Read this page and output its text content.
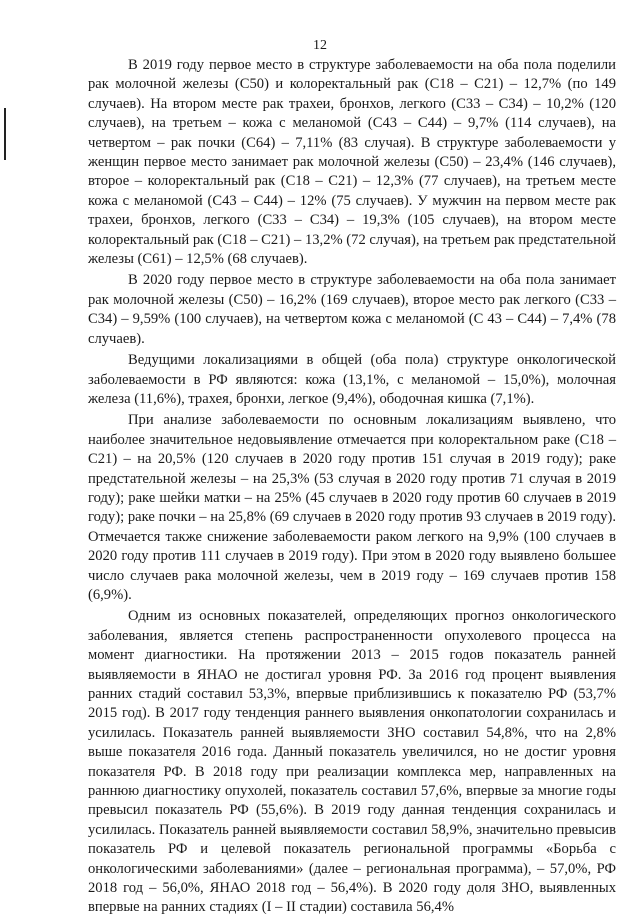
12

В 2019 году первое место в структуре заболеваемости на оба пола поделили рак молочной железы (C50) и колоректальный рак (C18 – C21) – 12,7% (по 149 случаев). На втором месте рак трахеи, бронхов, легкого (C33 – C34) – 10,2% (120 случаев), на третьем – кожа с меланомой (C43 – C44) – 9,7% (114 случаев), на четвертом – рак почки (C64) – 7,11% (83 случая). В структуре заболеваемости у женщин первое место занимает рак молочной железы (C50) – 23,4% (146 случаев), второе – колоректальный рак (C18 – C21) – 12,3% (77 случаев), на третьем месте кожа с меланомой (C43 – C44) – 12% (75 случаев). У мужчин на первом месте рак трахеи, бронхов, легкого (C33 – C34) – 19,3% (105 случаев), на втором месте колоректальный рак (C18 – C21) – 13,2% (72 случая), на третьем рак предстательной железы (C61) – 12,5% (68 случаев).

В 2020 году первое место в структуре заболеваемости на оба пола занимает рак молочной железы (C50) – 16,2% (169 случаев), второе место рак легкого (C33 – C34) – 9,59% (100 случаев), на четвертом кожа с меланомой (C 43 – C44) – 7,4% (78 случаев).

Ведущими локализациями в общей (оба пола) структуре онкологической заболеваемости в РФ являются: кожа (13,1%, с меланомой – 15,0%), молочная железа (11,6%), трахея, бронхи, легкое (9,4%), ободочная кишка (7,1%).

При анализе заболеваемости по основным локализациям выявлено, что наиболее значительное недовыявление отмечается при колоректальном раке (C18 – C21) – на 20,5% (120 случаев в 2020 году против 151 случая в 2019 году); раке предстательной железы – на 25,3% (53 случая в 2020 году против 71 случая в 2019 году); раке шейки матки – на 25% (45 случаев в 2020 году против 60 случаев в 2019 году); раке почки – на 25,8% (69 случаев в 2020 году против 93 случаев в 2019 году). Отмечается также снижение заболеваемости раком легкого на 9,9% (100 случаев в 2020 году против 111 случаев в 2019 году). При этом в 2020 году выявлено большее число случаев рака молочной железы, чем в 2019 году – 169 случаев против 158 (6,9%).

Одним из основных показателей, определяющих прогноз онкологического заболевания, является степень распространенности опухолевого процесса на момент диагностики. На протяжении 2013 – 2015 годов показатель ранней выявляемости в ЯНАО не достигал уровня РФ. За 2016 год процент выявления ранних стадий составил 53,3%, впервые приблизившись к показателю РФ (53,7% 2015 год). В 2017 году тенденция раннего выявления онкопатологии сохранилась и усилилась. Показатель ранней выявляемости ЗНО составил 54,8%, что на 2,8% выше показателя 2016 года. Данный показатель увеличился, но не достиг уровня показателя РФ. В 2018 году при реализации комплекса мер, направленных на раннюю диагностику опухолей, показатель составил 57,6%, впервые за многие годы превысил показатель РФ (55,6%). В 2019 году данная тенденция сохранилась и усилилась. Показатель ранней выявляемости составил 58,9%, значительно превысив показатель РФ и целевой показатель региональной программы «Борьба с онкологическими заболеваниями» (далее – региональная программа), – 57,0%, РФ 2018 год – 56,0%, ЯНАО 2018 год – 56,4%). В 2020 году доля ЗНО, выявленных впервые на ранних стадиях (I – II стадии) составила 56,4%
